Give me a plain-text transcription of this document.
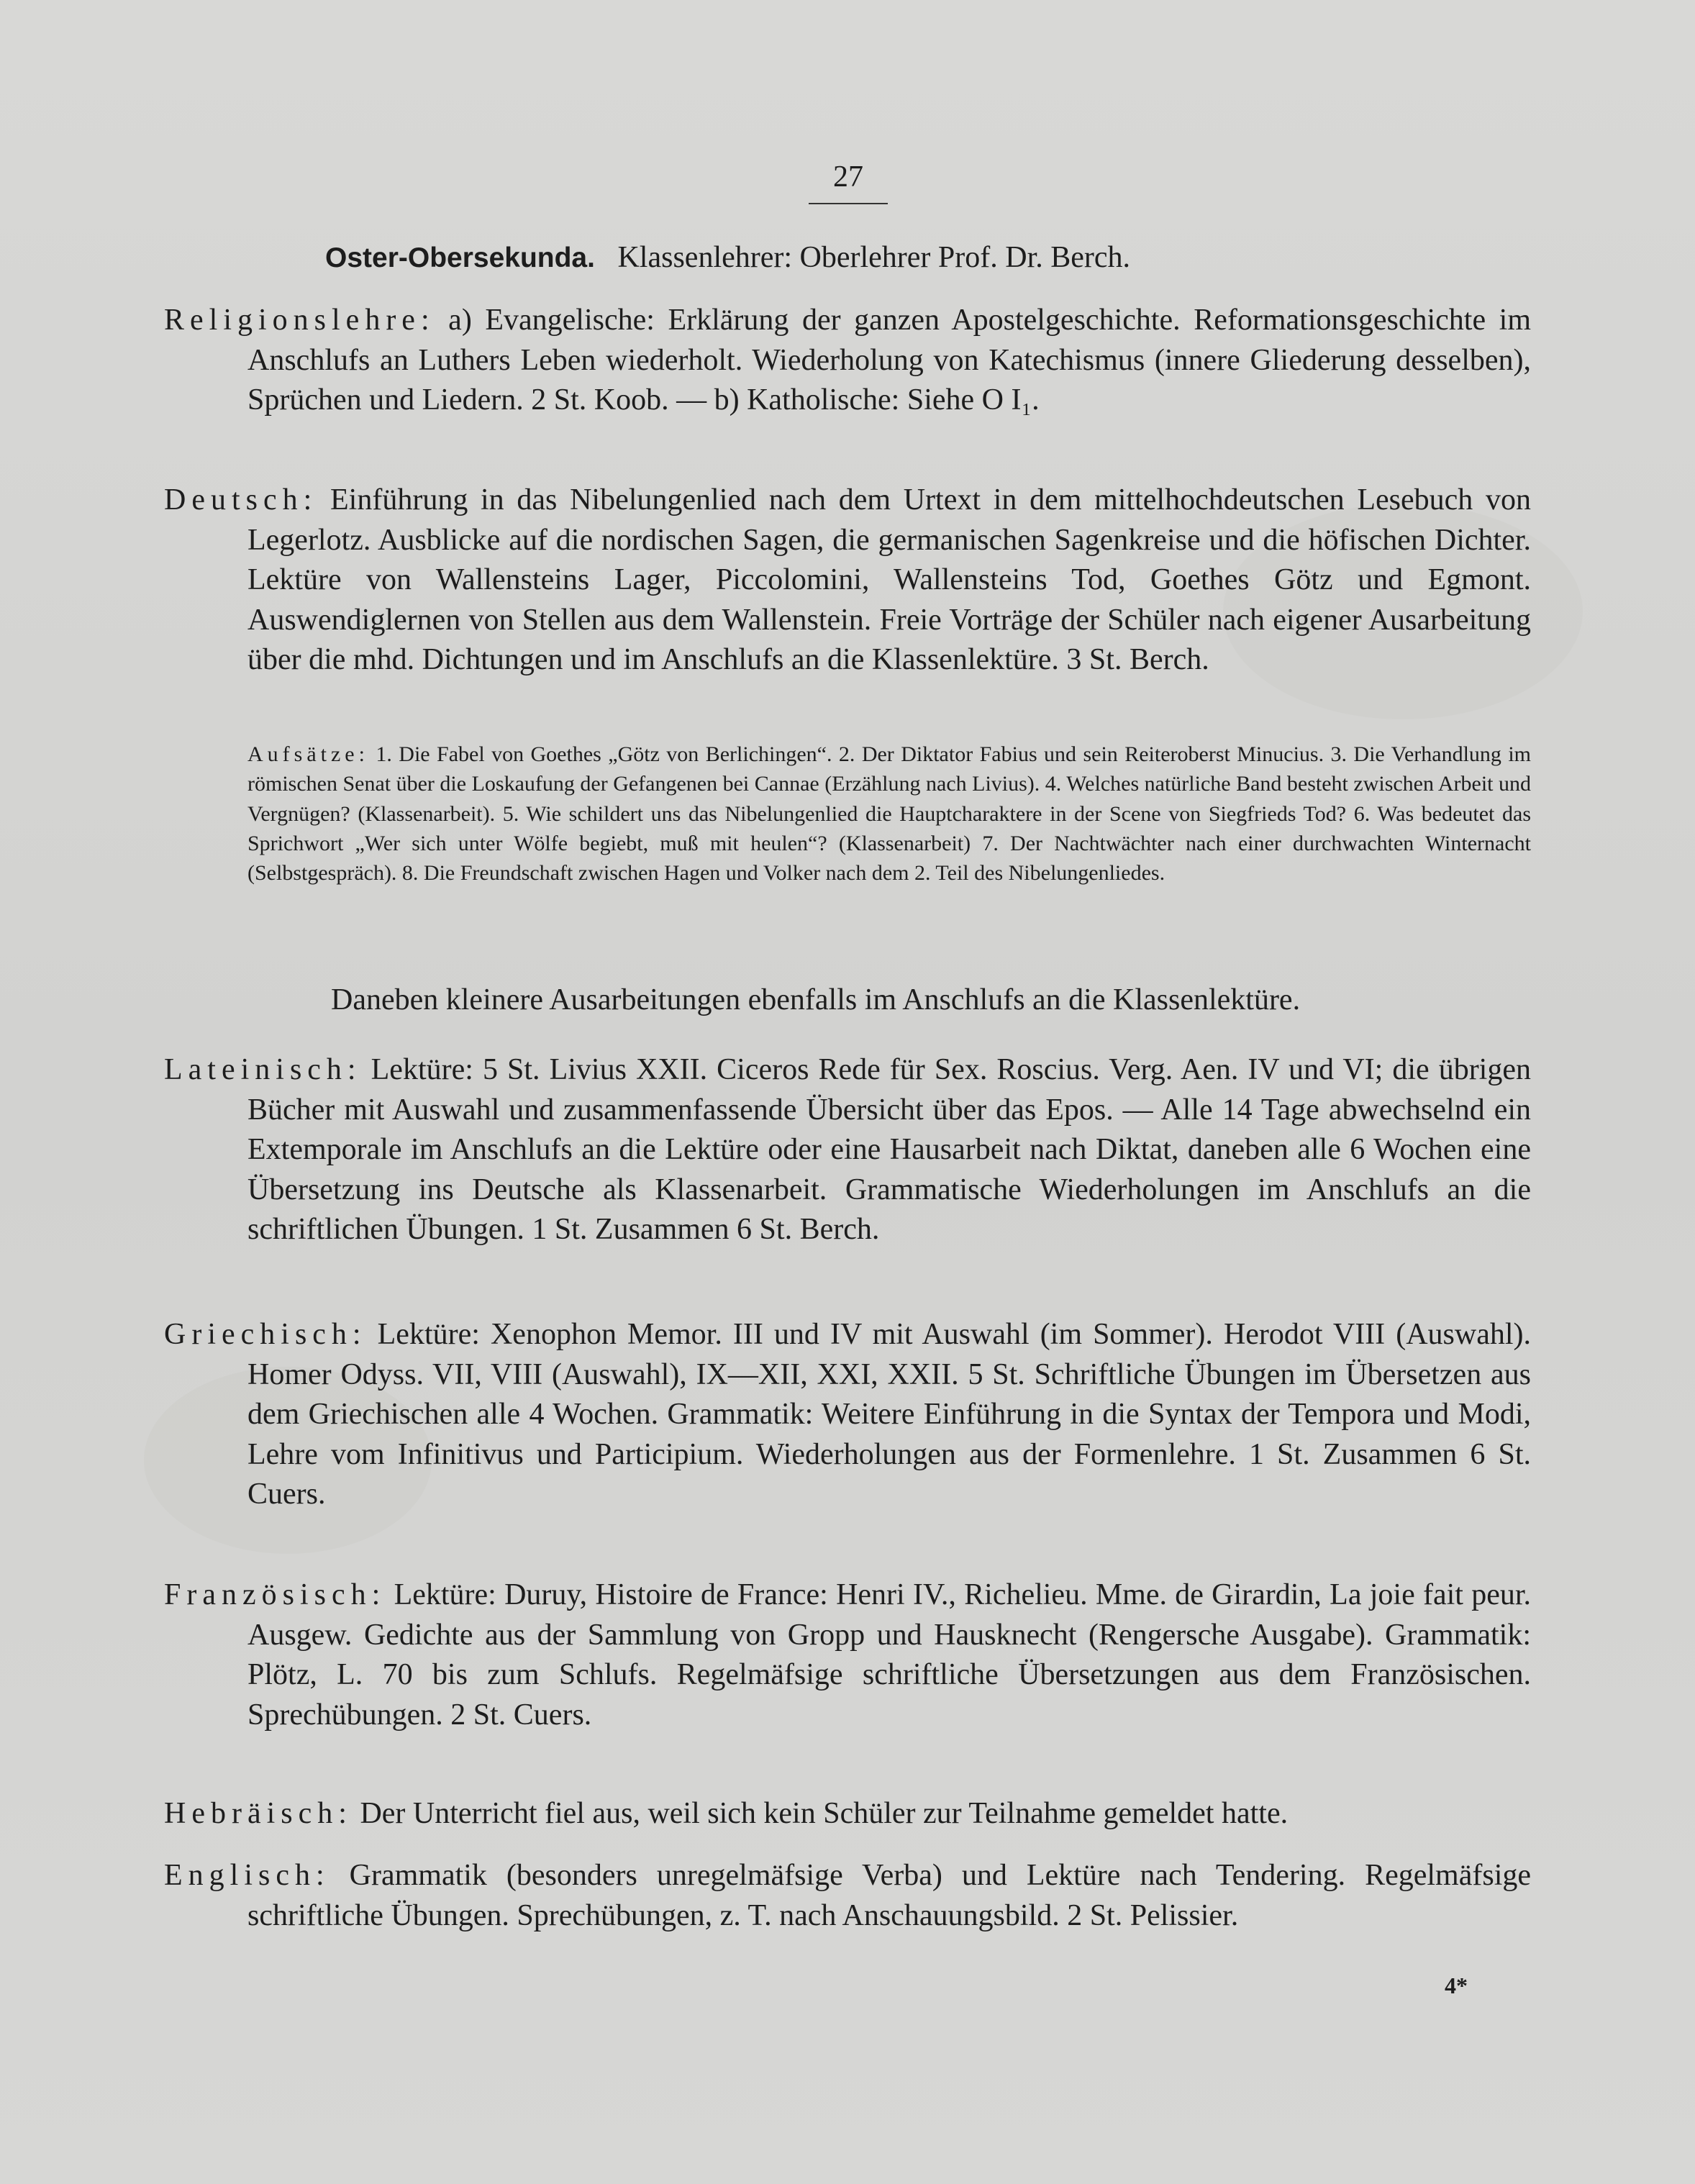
27
Oster-Obersekunda. Klassenlehrer: Oberlehrer Prof. Dr. Berch.
Religionslehre: a) Evangelische: Erklärung der ganzen Apostelgeschichte. Reformationsgeschichte im Anschlufs an Luthers Leben wiederholt. Wiederholung von Katechismus (innere Gliederung desselben), Sprüchen und Liedern. 2 St. Koob. — b) Katholische: Siehe O I₁.
Deutsch: Einführung in das Nibelungenlied nach dem Urtext in dem mittelhochdeutschen Lesebuch von Legerlotz. Ausblicke auf die nordischen Sagen, die germanischen Sagenkreise und die höfischen Dichter. Lektüre von Wallensteins Lager, Piccolomini, Wallensteins Tod, Goethes Götz und Egmont. Auswendiglernen von Stellen aus dem Wallenstein. Freie Vorträge der Schüler nach eigener Ausarbeitung über die mhd. Dichtungen und im Anschlufs an die Klassenlektüre. 3 St. Berch.
Aufsätze: 1. Die Fabel von Goethes „Götz von Berlichingen“. 2. Der Diktator Fabius und sein Reiteroberst Minucius. 3. Die Verhandlung im römischen Senat über die Loskaufung der Gefangenen bei Cannae (Erzählung nach Livius). 4. Welches natürliche Band besteht zwischen Arbeit und Vergnügen? (Klassenarbeit). 5. Wie schildert uns das Nibelungenlied die Hauptcharaktere in der Scene von Siegfrieds Tod? 6. Was bedeutet das Sprichwort „Wer sich unter Wölfe begiebt, muß mit heulen“? (Klassenarbeit) 7. Der Nachtwächter nach einer durchwachten Winternacht (Selbstgespräch). 8. Die Freundschaft zwischen Hagen und Volker nach dem 2. Teil des Nibelungenliedes.
Daneben kleinere Ausarbeitungen ebenfalls im Anschlufs an die Klassenlektüre.
Lateinisch: Lektüre: 5 St. Livius XXII. Ciceros Rede für Sex. Roscius. Verg. Aen. IV und VI; die übrigen Bücher mit Auswahl und zusammenfassende Übersicht über das Epos. — Alle 14 Tage abwechselnd ein Extemporale im Anschlufs an die Lektüre oder eine Hausarbeit nach Diktat, daneben alle 6 Wochen eine Übersetzung ins Deutsche als Klassenarbeit. Grammatische Wiederholungen im Anschlufs an die schriftlichen Übungen. 1 St. Zusammen 6 St. Berch.
Griechisch: Lektüre: Xenophon Memor. III und IV mit Auswahl (im Sommer). Herodot VIII (Auswahl). Homer Odyss. VII, VIII (Auswahl), IX—XII, XXI, XXII. 5 St. Schriftliche Übungen im Übersetzen aus dem Griechischen alle 4 Wochen. Grammatik: Weitere Einführung in die Syntax der Tempora und Modi, Lehre vom Infinitivus und Participium. Wiederholungen aus der Formenlehre. 1 St. Zusammen 6 St. Cuers.
Französisch: Lektüre: Duruy, Histoire de France: Henri IV., Richelieu. Mme. de Girardin, La joie fait peur. Ausgew. Gedichte aus der Sammlung von Gropp und Hausknecht (Rengersche Ausgabe). Grammatik: Plötz, L. 70 bis zum Schlufs. Regelmäfsige schriftliche Übersetzungen aus dem Französischen. Sprechübungen. 2 St. Cuers.
Hebräisch: Der Unterricht fiel aus, weil sich kein Schüler zur Teilnahme gemeldet hatte.
Englisch: Grammatik (besonders unregelmäfsige Verba) und Lektüre nach Tendering. Regelmäfsige schriftliche Übungen. Sprechübungen, z. T. nach Anschauungsbild. 2 St. Pelissier.
4*
